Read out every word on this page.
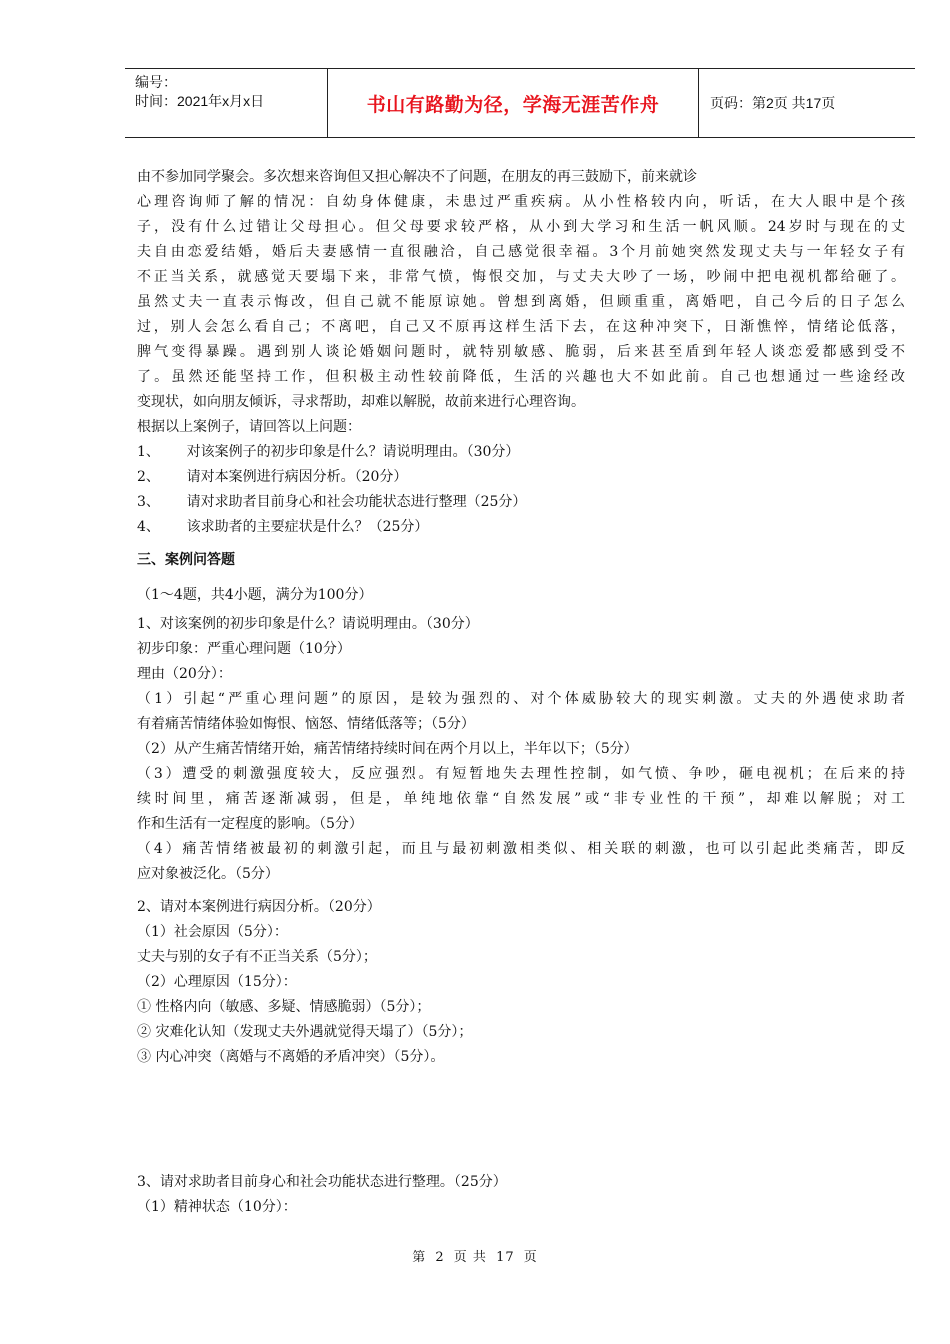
编号：
时间：2021年x月x日	书山有路勤为径，学海无涯苦作舟	页码：第2页 共17页
由不参加同学聚会。多次想来咨询但又担心解决不了问题，在朋友的再三鼓励下，前来就诊
心理咨询师了解的情况：自幼身体健康，未患过严重疾病。从小性格较内向，听话，在大人眼中是个孩
子，没有什么过错让父母担心。但父母要求较严格，从小到大学习和生活一帆风顺。24岁时与现在的丈
夫自由恋爱结婚，婚后夫妻感情一直很融洽，自己感觉很幸福。3个月前她突然发现丈夫与一年轻女子有
不正当关系，就感觉天要塌下来，非常气愤，悔恨交加，与丈夫大吵了一场，吵闹中把电视机都给砸了。
虽然丈夫一直表示悔改，但自己就不能原谅她。曾想到离婚，但顾重重，离婚吧，自己今后的日子怎么
过，别人会怎么看自己；不离吧，自己又不原再这样生活下去，在这种冲突下，日渐憔悴，情绪论低落，
脾气变得暴躁。遇到别人谈论婚姻问题时，就特别敏感、脆弱，后来甚至盾到年轻人谈恋爱都感到受不
了。虽然还能坚持工作，但积极主动性较前降低，生活的兴趣也大不如此前。自己也想通过一些途经改
变现状，如向朋友倾诉，寻求帮助，却难以解脱，故前来进行心理咨询。
根据以上案例子，请回答以上问题：
1、      对该案例子的初步印象是什么？请说明理由。（30分）
2、      请对本案例进行病因分析。（20分）
3、      请对求助者目前身心和社会功能状态进行整理（25分）
4、      该求助者的主要症状是什么？（25分）
三、案例问答题
（1～4题，共4小题，满分为100分）
1、对该案例的初步印象是什么？请说明理由。（30分）
初步印象：严重心理问题（10分）
理由（20分）：
（1）引起“严重心理问题”的原因，是较为强烈的、对个体威胁较大的现实刺激。丈夫的外遇使求助者
有着痛苦情绪体验如悔恨、恼怒、情绪低落等；（5分）
（2）从产生痛苦情绪开始，痛苦情绪持续时间在两个月以上，半年以下；（5分）
（3）遭受的刺激强度较大，反应强烈。有短暂地失去理性控制，如气愤、争吵，砸电视机；在后来的持
续时间里，痛苦逐渐减弱，但是，单纯地依靠“自然发展”或“非专业性的干预”，却难以解脱；对工
作和生活有一定程度的影响。（5分）
（4）痛苦情绪被最初的刺激引起，而且与最初刺激相类似、相关联的刺激，也可以引起此类痛苦，即反
应对象被泛化。（5分）
2、请对本案例进行病因分析。（20分）
（1）社会原因（5分）：
丈夫与别的女子有不正当关系（5分）；
（2）心理原因（15分）：
① 性格内向（敏感、多疑、情感脆弱）（5分）；
② 灾难化认知（发现丈夫外遇就觉得天塌了）（5分）；
③ 内心冲突（离婚与不离婚的矛盾冲突）（5分）。
3、请对求助者目前身心和社会功能状态进行整理。（25分）
（1）精神状态（10分）：
第 2 页 共 17 页
